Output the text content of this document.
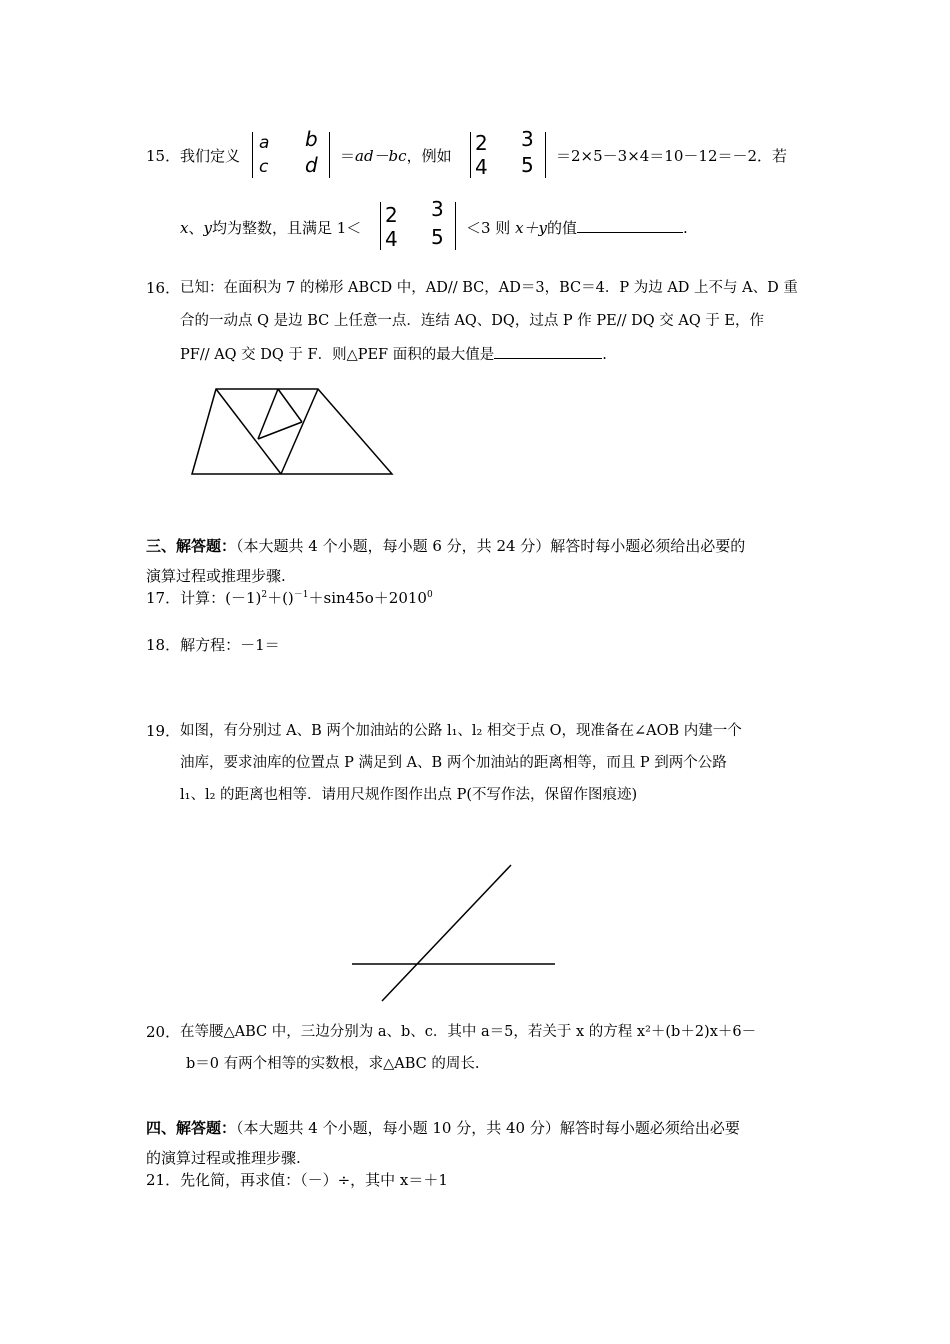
15． 我们定义
a b
c d ＝ad－bc，例如
2 3
4 5 ＝2×5－3×4＝10－12＝－2．若
x、y均为整数，且满足 1＜
2 3
4 5 ＜3 则 x＋y的值	.
16． 已知：在面积为 7 的梯形 ABCD 中，AD// BC，AD＝3，BC＝4．P 为边 AD 上不与 A、D 重
合的一动点 Q 是边 BC 上任意一点．连结 AQ、DQ，过点 P 作 PE// DQ 交 AQ 于 E，作
PF// AQ 交 DQ 于 F．则△PEF 面积的最大值是	.
三、解答题：（本大题共 4 个小题，每小题 6 分，共 24 分）解答时每小题必须给出必要的
演算过程或推理步骤.
17．计算：$(-1)^2+()^{-1}+\sin 45o+2010^0$
18．解方程：－1＝
19． 如图，有分别过 A、B 两个加油站的公路 l₁、l₂ 相交于点 O，现准备在∠AOB 内建一个
油库，要求油库的位置点 P 满足到 A、B 两个加油站的距离相等，而且 P 到两个公路
l₁、l₂ 的距离也相等．请用尺规作图作出点 P(不写作法，保留作图痕迹)
20． 在等腰△ABC 中，三边分别为 a、b、c．其中 a＝5，若关于 x 的方程 x²＋(b＋2)x＋6－
b＝0 有两个相等的实数根，求△ABC 的周长.
四、解答题：（本大题共 4 个小题，每小题 10 分，共 40 分）解答时每小题必须给出必要
的演算过程或推理步骤.
21．先化简，再求值：（－）÷，其中 x＝＋1
